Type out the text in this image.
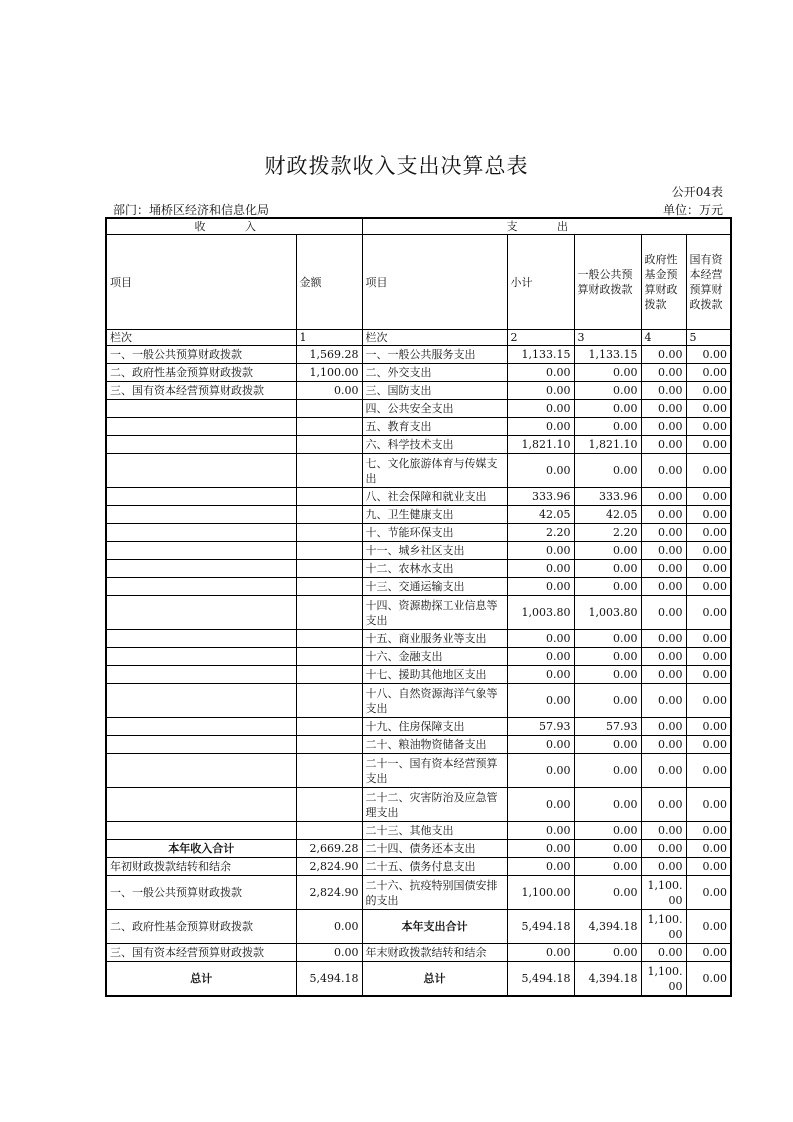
财政拨款收入支出决算总表
公开04表
部门：埇桥区经济和信息化局	单位：万元
收 入		支 出				
项目	金额	项目	小计	一般公共预算财政拨款	政府性基金预算财政拨款	国有资本经营预算财政拨款
栏次	1	栏次	2	3	4	5
一、一般公共预算财政拨款	1,569.28	一、一般公共服务支出	1,133.15	1,133.15	0.00	0.00
二、政府性基金预算财政拨款	1,100.00	二、外交支出	0.00	0.00	0.00	0.00
三、国有资本经营预算财政拨款	0.00	三、国防支出	0.00	0.00	0.00	0.00
		四、公共安全支出	0.00	0.00	0.00	0.00
		五、教育支出	0.00	0.00	0.00	0.00
		六、科学技术支出	1,821.10	1,821.10	0.00	0.00
		七、文化旅游体育与传媒支出	0.00	0.00	0.00	0.00
		八、社会保障和就业支出	333.96	333.96	0.00	0.00
		九、卫生健康支出	42.05	42.05	0.00	0.00
		十、节能环保支出	2.20	2.20	0.00	0.00
		十一、城乡社区支出	0.00	0.00	0.00	0.00
		十二、农林水支出	0.00	0.00	0.00	0.00
		十三、交通运输支出	0.00	0.00	0.00	0.00
		十四、资源勘探工业信息等支出	1,003.80	1,003.80	0.00	0.00
		十五、商业服务业等支出	0.00	0.00	0.00	0.00
		十六、金融支出	0.00	0.00	0.00	0.00
		十七、援助其他地区支出	0.00	0.00	0.00	0.00
		十八、自然资源海洋气象等支出	0.00	0.00	0.00	0.00
		十九、住房保障支出	57.93	57.93	0.00	0.00
		二十、粮油物资储备支出	0.00	0.00	0.00	0.00
		二十一、国有资本经营预算支出	0.00	0.00	0.00	0.00
		二十二、灾害防治及应急管理支出	0.00	0.00	0.00	0.00
		二十三、其他支出	0.00	0.00	0.00	0.00
本年收入合计	2,669.28	二十四、债务还本支出	0.00	0.00	0.00	0.00
年初财政拨款结转和结余	2,824.90	二十五、债务付息支出	0.00	0.00	0.00	0.00
一、一般公共预算财政拨款	2,824.90	二十六、抗疫特别国债安排的支出	1,100.00	0.00	1,100.00	0.00
二、政府性基金预算财政拨款	0.00	本年支出合计	5,494.18	4,394.18	1,100.00	0.00
三、国有资本经营预算财政拨款	0.00	年末财政拨款结转和结余	0.00	0.00	0.00	0.00
总计	5,494.18	总计	5,494.18	4,394.18	1,100.00	0.00
